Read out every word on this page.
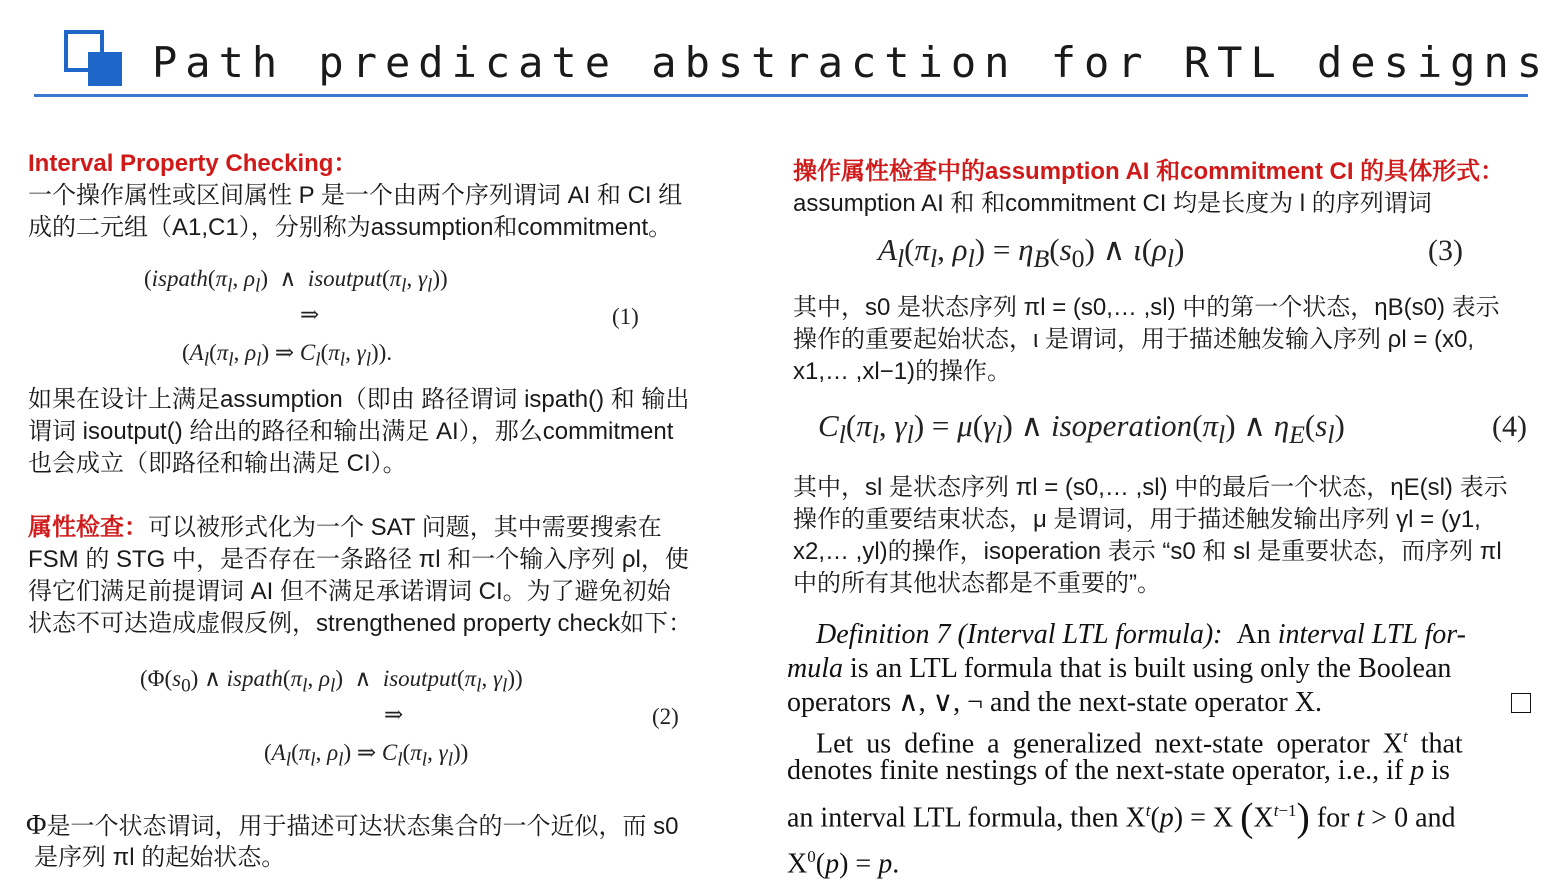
Path predicate abstraction for RTL designs
Interval Property Checking：
一个操作属性或区间属性 P 是一个由两个序列谓词 AI 和 CI 组
成的二元组（A1,C1），分别称为assumption和commitment。
($ispath(\pi_l$, $\rho_l$)  ∧  $isoutput(\pi_l$, $\gamma_l$))
⇒
($A_l(\pi_l$, $\rho_l$) ⇒ $C_l(\pi_l$, $\gamma_l$)).
(1)
如果在设计上满足assumption（即由 路径谓词 ispath() 和 输出
谓词 isoutput() 给出的路径和输出满足 AI），那么commitment
也会成立（即路径和输出满足 CI）。
属性检查：可以被形式化为一个 SAT 问题，其中需要搜索在
FSM 的 STG 中，是否存在一条路径 πl 和一个输入序列 ρl，使
得它们满足前提谓词 AI 但不满足承诺谓词 CI。为了避免初始
状态不可达造成虚假反例，strengthened property check如下：
($\Phi(s_0)$ ∧ $ispath(\pi_l$, $\rho_l$)  ∧  $isoutput(\pi_l$, $\gamma_l$))
⇒
($A_l(\pi_l$, $\rho_l$) ⇒ $C_l(\pi_l$, $\gamma_l$))
(2)
Φ是一个状态谓词，用于描述可达状态集合的一个近似，而 s0
是序列 πl 的起始状态。
操作属性检查中的assumption AI 和commitment CI 的具体形式：
assumption AI 和 和commitment CI 均是长度为 l 的序列谓词
$A_l(\pi_l$, $\rho_l) = \eta_B(s_0)$ ∧ $\iota(\rho_l)$	(3)
其中，s0 是状态序列 πl = (s0,… ,sl) 中的第一个状态，ηB(s0) 表示
操作的重要起始状态，ι 是谓词，用于描述触发输入序列 ρl = (x0,
x1,… ,xl−1)的操作。
$C_l(\pi_l$, $\gamma_l) = \mu(\gamma_l)$ ∧ $isoperation(\pi_l)$ ∧ $\eta_E(s_l)$	(4)
其中，sl 是状态序列 πl = (s0,… ,sl) 中的最后一个状态，ηE(sl) 表示
操作的重要结束状态，μ 是谓词，用于描述触发输出序列 γl = (y1,
x2,… ,yl)的操作，isoperation 表示 “s0 和 sl 是重要状态，而序列 πl
中的所有其他状态都是不重要的”。
Definition 7 (Interval LTL formula): An interval LTL for-
mula is an LTL formula that is built using only the Boolean
operators ∧, ∨, ¬ and the next-state operator X.
Let us define a generalized next-state operator $X^t$ that
denotes finite nestings of the next-state operator, i.e., if p is
an interval LTL formula, then $X^t(p) = X$ $(X^{t-1})$ for t > 0 and
$X^0(p) = p$.
